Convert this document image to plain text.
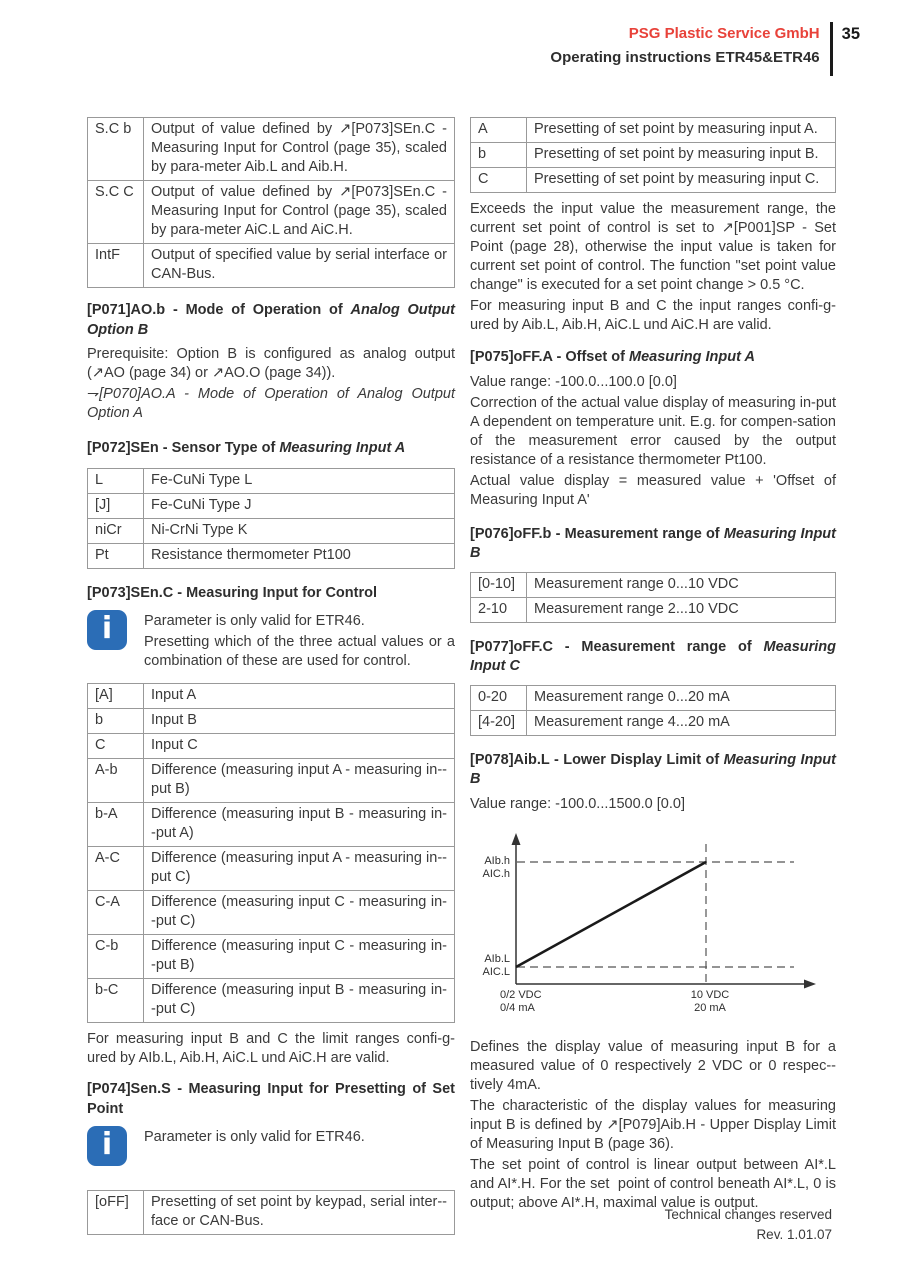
PSG Plastic Service GmbH
Operating instructions ETR45&ETR46
35
S.C b	Output of value defined by ↗[P073]SEn.C - Measuring Input for Control (page 35), scaled by para-meter Aib.L and Aib.H.
S.C C	Output of value defined by ↗[P073]SEn.C - Measuring Input for Control (page 35), scaled by para-meter AiC.L and AiC.H.
IntF	Output of specified value by serial interface or CAN-Bus.
[P071]AO.b - Mode of Operation of Analog Output Option B

Prerequisite: Option B is configured as analog output (↗AO (page 34) or ↗AO.O (page 34)).

⇁[P070]AO.A - Mode of Operation of Analog Output Option A

[P072]SEn - Sensor Type of Measuring Input A
L	Fe-CuNi Type L
[J]	Fe-CuNi Type J
niCr	Ni-CrNi Type K
Pt	Resistance thermometer Pt100
[P073]SEn.C - Measuring Input for Control
i	Parameter is only valid for ETR46.

Presetting which of the three actual values or a combination of these are used for control.

[A]	Input A
b	Input B
C	Input C
A-b	Difference (measuring input A - measuring in--put B)
b-A	Difference (measuring input B - measuring in--put A)
A-C	Difference (measuring input A - measuring in--put C)
C-A	Difference (measuring input C - measuring in--put C)
C-b	Difference (measuring input C - measuring in--put B)
b-C	Difference (measuring input B - measuring in--put C)

For measuring input B and C the limit ranges confi-g-ured by AIb.L, Aib.H, AiC.L und AiC.H are valid.

[P074]Sen.S - Measuring Input for Presetting of Set Point
i	Parameter is only valid for ETR46.

[oFF]	Presetting of set point by keypad, serial inter--face or CAN-Bus.
A	Presetting of set point by measuring input A.
b	Presetting of set point by measuring input B.
C	Presetting of set point by measuring input C.

Exceeds the input value the measurement range, the current set point of control is set to ↗[P001]SP - Set Point (page 28), otherwise the input value is taken for current set point of control. The function "set point value change" is executed for a set point change > 0.5 °C.

For measuring input B and C the input ranges confi-g-ured by Aib.L, Aib.H, AiC.L und AiC.H are valid.

[P075]oFF.A - Offset of Measuring Input A

Value range: -100.0...100.0 [0.0]

Correction of the actual value display of measuring in-put A dependent on temperature unit. E.g. for compen-sation of the measurement error caused by the output resistance of a resistance thermometer Pt100.

Actual value display = measured value + 'Offset of Measuring Input A'

[P076]oFF.b - Measurement range of Measuring Input B
[0-10]	Measurement range 0...10 VDC
2-10	Measurement range 2...10 VDC
[P077]oFF.C - Measurement range of Measuring Input C
0-20	Measurement range 0...20 mA
[4-20]	Measurement range 4...20 mA
[P078]Aib.L - Lower Display Limit of Measuring Input B

Value range: -100.0...1500.0 [0.0]

AIb.h
AIC.h
AIb.L
AIC.L
0/2 VDC
0/4 mA
10 VDC
20 mA

Defines the display value of measuring input B for a measured value of 0 respectively 2 VDC or 0 respec--tively 4mA.

The characteristic of the display values for measuring input B is defined by ↗[P079]Aib.H - Upper Display Limit of Measuring Input B (page 36).

The set point of control is linear output between AI*.L and AI*.H. For the set  point of control beneath AI*.L, 0 is output; above AI*.H, maximal value is output.

Technical changes reserved
Rev. 1.01.07
